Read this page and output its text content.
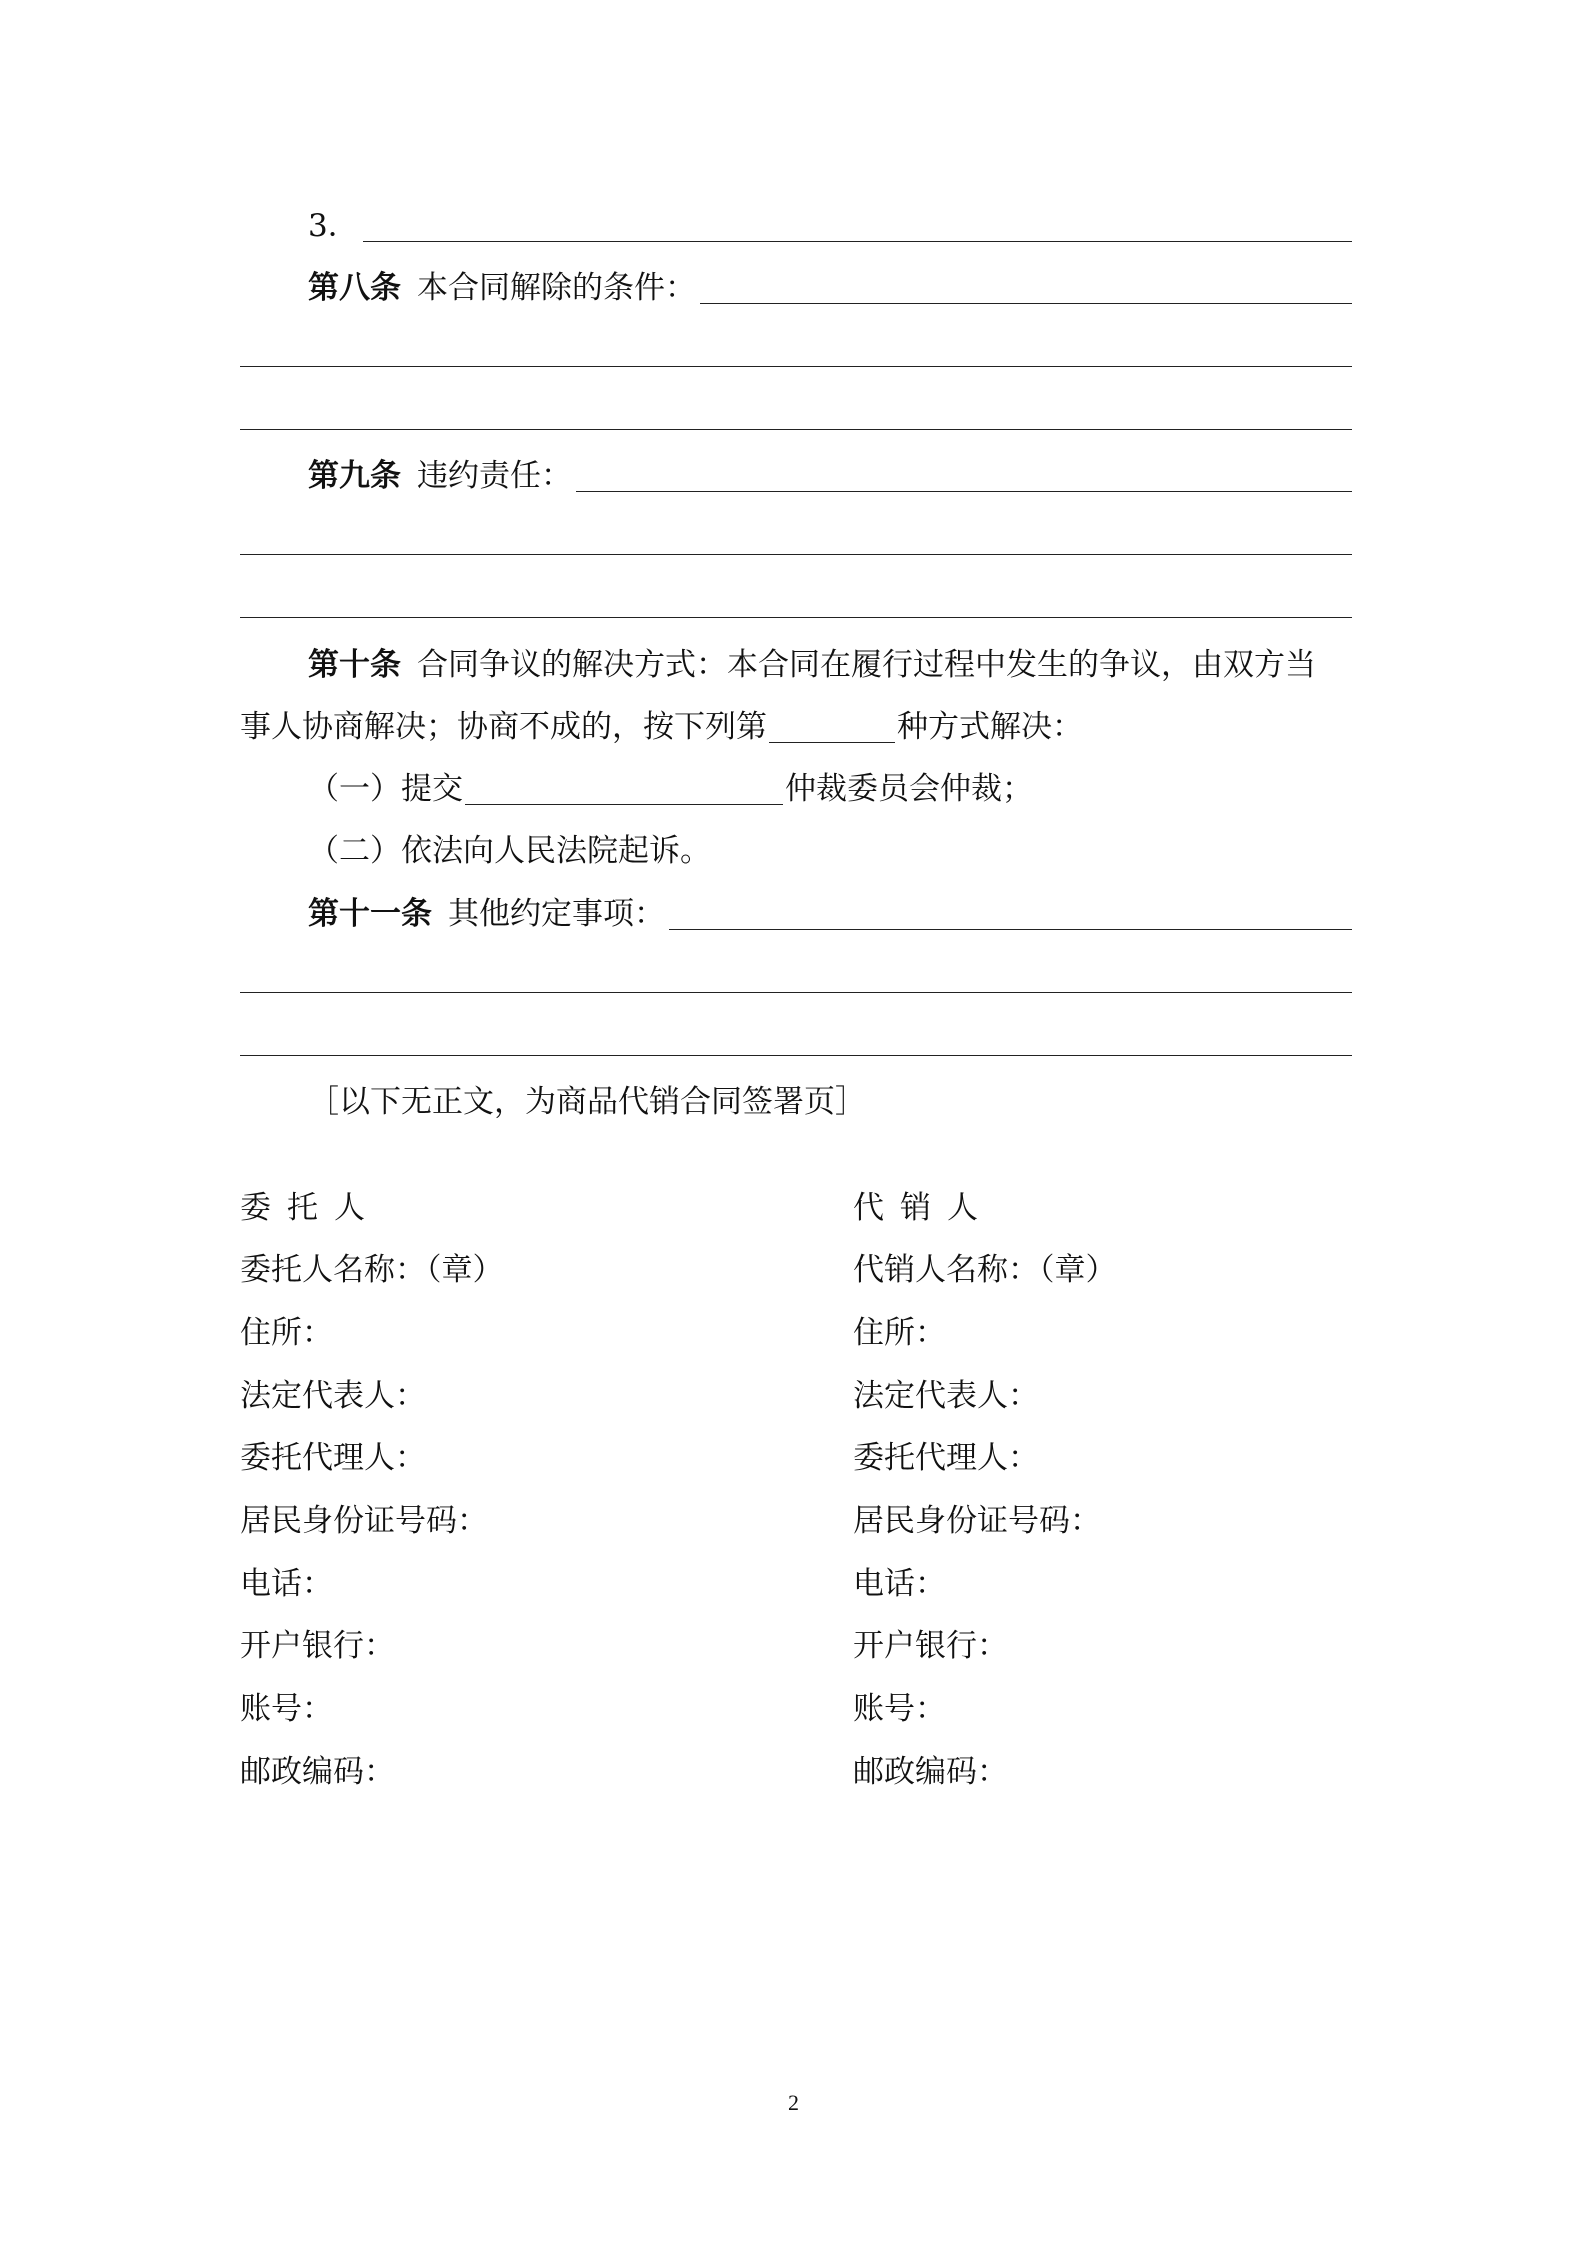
3．
第八条 本合同解除的条件：
第九条 违约责任：
第十条 合同争议的解决方式：本合同在履行过程中发生的争议，由双方当
事人协商解决；协商不成的，按下列第	种方式解决：
（一）提交	仲裁委员会仲裁；
（二）依法向人民法院起诉。
第十一条 其他约定事项：
［以下无正文，为商品代销合同签署页］
委托人
委托人名称：（章）
住所：
法定代表人：
委托代理人：
居民身份证号码：
电话：
开户银行：
账号：
邮政编码：
代销人
代销人名称：（章）
住所：
法定代表人：
委托代理人：
居民身份证号码：
电话：
开户银行：
账号：
邮政编码：
2
